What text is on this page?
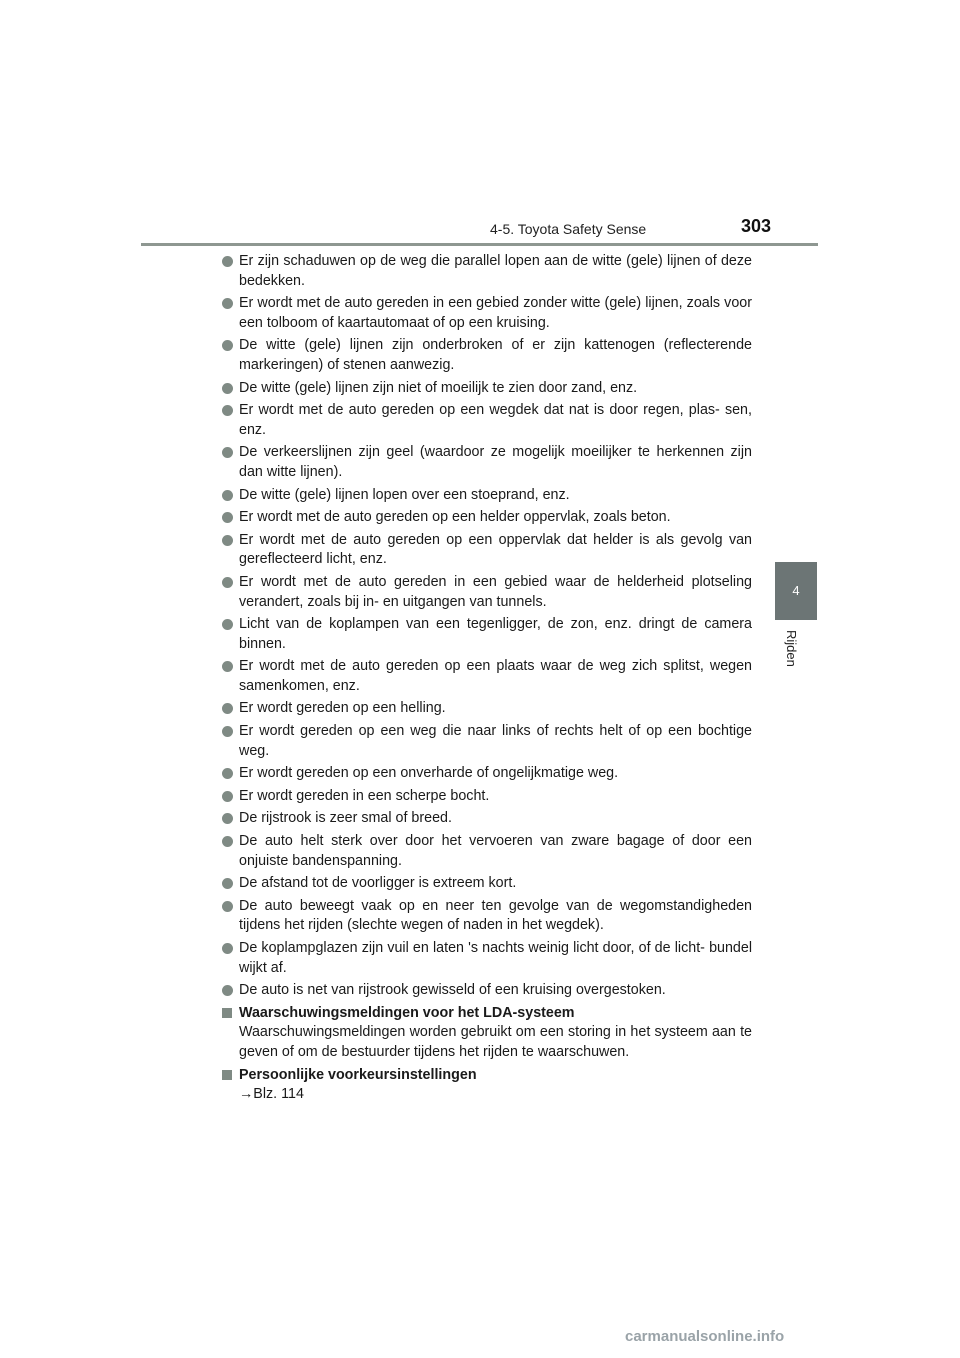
4-5. Toyota Safety Sense	303
4
Rijden
Er zijn schaduwen op de weg die parallel lopen aan de witte (gele) lijnen of deze bedekken.
Er wordt met de auto gereden in een gebied zonder witte (gele) lijnen, zoals voor een tolboom of kaartautomaat of op een kruising.
De witte (gele) lijnen zijn onderbroken of er zijn kattenogen (reflecterende markeringen) of stenen aanwezig.
De witte (gele) lijnen zijn niet of moeilijk te zien door zand, enz.
Er wordt met de auto gereden op een wegdek dat nat is door regen, plas- sen, enz.
De verkeerslijnen zijn geel (waardoor ze mogelijk moeilijker te herkennen zijn dan witte lijnen).
De witte (gele) lijnen lopen over een stoeprand, enz.
Er wordt met de auto gereden op een helder oppervlak, zoals beton.
Er wordt met de auto gereden op een oppervlak dat helder is als gevolg van gereflecteerd licht, enz.
Er wordt met de auto gereden in een gebied waar de helderheid plotseling verandert, zoals bij in- en uitgangen van tunnels.
Licht van de koplampen van een tegenligger, de zon, enz. dringt de camera binnen.
Er wordt met de auto gereden op een plaats waar de weg zich splitst, wegen samenkomen, enz.
Er wordt gereden op een helling.
Er wordt gereden op een weg die naar links of rechts helt of op een bochtige weg.
Er wordt gereden op een onverharde of ongelijkmatige weg.
Er wordt gereden in een scherpe bocht.
De rijstrook is zeer smal of breed.
De auto helt sterk over door het vervoeren van zware bagage of door een onjuiste bandenspanning.
De afstand tot de voorligger is extreem kort.
De auto beweegt vaak op en neer ten gevolge van de wegomstandigheden tijdens het rijden (slechte wegen of naden in het wegdek).
De koplampglazen zijn vuil en laten 's nachts weinig licht door, of de licht- bundel wijkt af.
De auto is net van rijstrook gewisseld of een kruising overgestoken.
Waarschuwingsmeldingen voor het LDA-systeem
Waarschuwingsmeldingen worden gebruikt om een storing in het systeem aan te geven of om de bestuurder tijdens het rijden te waarschuwen.
Persoonlijke voorkeursinstellingen
→Blz. 114
carmanualsonline.info
